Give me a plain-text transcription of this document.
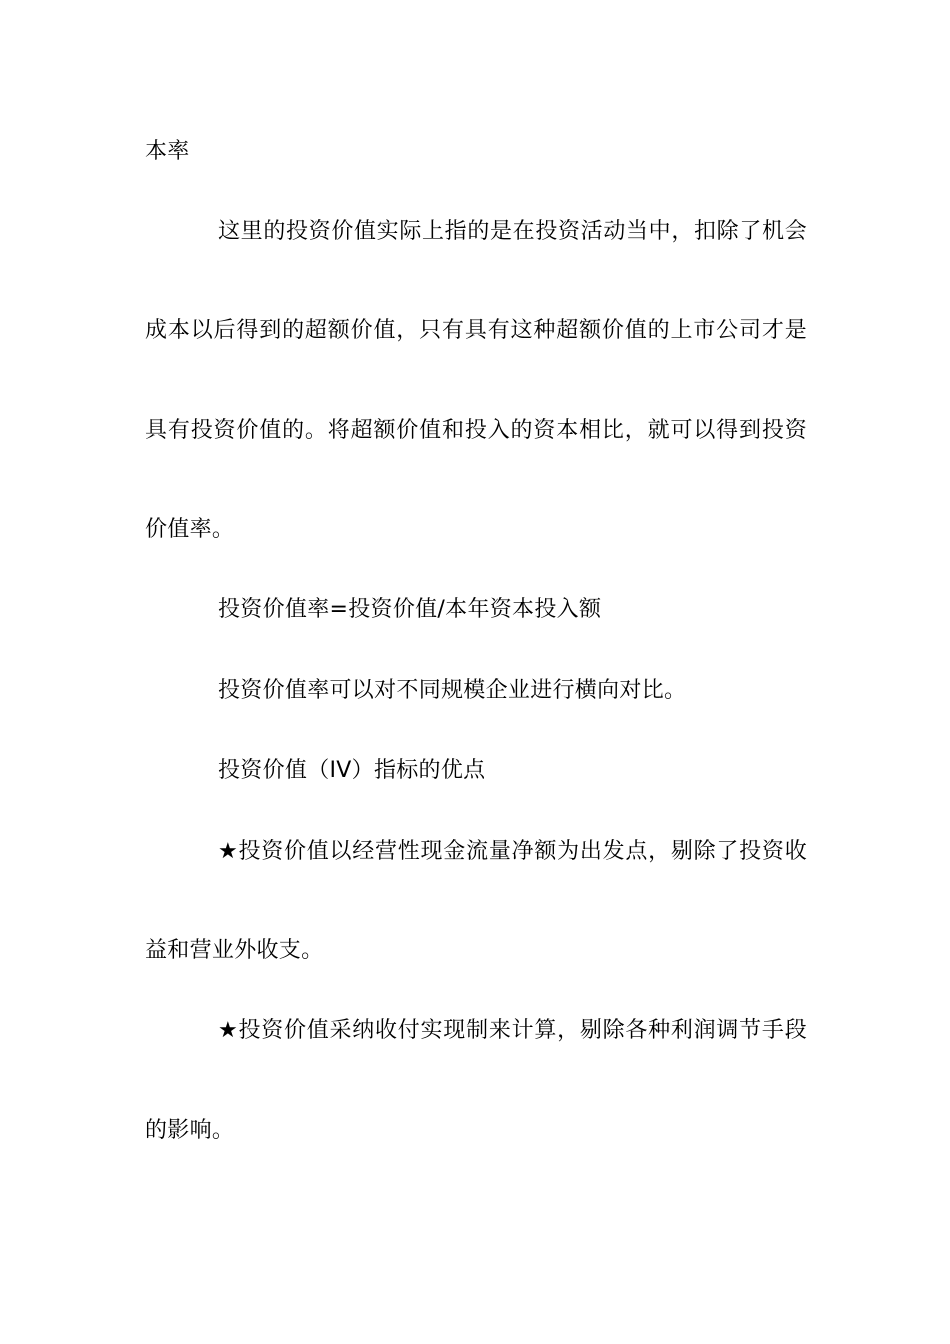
本率
这里的投资价值实际上指的是在投资活动当中，扣除了机会
成本以后得到的超额价值，只有具有这种超额价值的上市公司才是
具有投资价值的。将超额价值和投入的资本相比，就可以得到投资
价值率。
投资价值率=投资价值/本年资本投入额
投资价值率可以对不同规模企业进行横向对比。
投资价值（IV）指标的优点
★投资价值以经营性现金流量净额为出发点，剔除了投资收
益和营业外收支。
★投资价值采纳收付实现制来计算，剔除各种利润调节手段
的影响。
